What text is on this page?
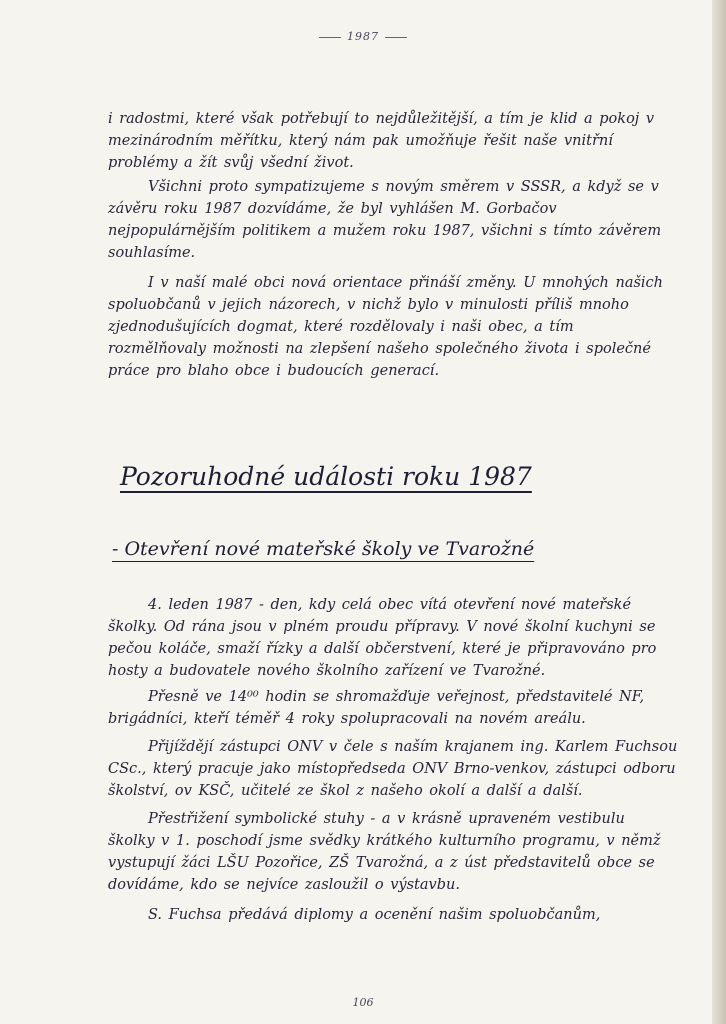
1987
i radostmi, které však potřebují to nejdůležitější, a tím je klid a pokoj v mezinárodním měřítku, který nám pak umožňuje řešit naše vnitřní problémy a žít svůj všední život.
Všichni proto sympatizujeme s novým směrem v SSSR, a když se v závěru roku 1987 dozvídáme, že byl vyhlášen M. Gorbačov nejpopulárnějším politikem a mužem roku 1987, všichni s tímto závěrem souhlasíme.
I v naší malé obci nová orientace přináší změny. U mnohých našich spoluobčanů v jejich názorech, v nichž bylo v minulosti příliš mnoho zjednodušujících dogmat, které rozdělovaly i naši obec, a tím rozmělňovaly možnosti na zlepšení našeho společného života i společné práce pro blaho obce i budoucích generací.
Pozoruhodné události roku 1987
- Otevření nové mateřské školy ve Tvarožné
4. leden 1987 - den, kdy celá obec vítá otevření nové mateřské školky. Od rána jsou v plném proudu přípravy. V nové školní kuchyni se pečou koláče, smaží řízky a další občerstvení, které je připravováno pro hosty a budovatele nového školního zařízení ve Tvarožné.
Přesně ve 14⁰⁰ hodin se shromažďuje veřejnost, představitelé NF, brigádníci, kteří téměř 4 roky spolupracovali na novém areálu.
Přijíždějí zástupci ONV v čele s naším krajanem ing. Karlem Fuchsou CSc., který pracuje jako místopředseda ONV Brno-venkov, zástupci odboru školství, ov KSČ, učitelé ze škol z našeho okolí a další a další.
Přestřižení symbolické stuhy - a v krásně upraveném vestibulu školky v 1. poschodí jsme svědky krátkého kulturního programu, v němž vystupují žáci LŠU Pozořice, ZŠ Tvarožná, a z úst představitelů obce se dovídáme, kdo se nejvíce zasloužil o výstavbu.
S. Fuchsa předává diplomy a ocenění našim spoluobčanům,
106
